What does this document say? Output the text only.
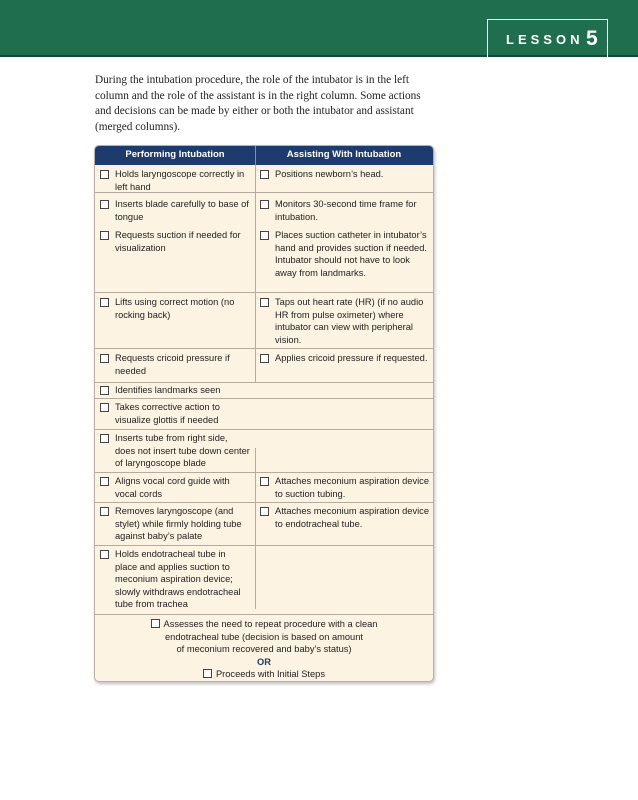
LESSON 5
During the intubation procedure, the role of the intubator is in the left column and the role of the assistant is in the right column. Some actions and decisions can be made by either or both the intubator and assistant (merged columns).
Performing Intubation	Assisting With Intubation
Holds laryngoscope correctly in left hand
Positions newborn’s head.
Inserts blade carefully to base of tongue
Monitors 30-second time frame for intubation.
Requests suction if needed for visualization
Places suction catheter in intubator’s hand and provides suction if needed. Intubator should not have to look away from landmarks.
Lifts using correct motion (no rocking back)
Taps out heart rate (HR) (if no audio HR from pulse oximeter) where intubator can view with peripheral vision.
Requests cricoid pressure if needed
Applies cricoid pressure if requested.
Identifies landmarks seen
Takes corrective action to visualize glottis if needed
Inserts tube from right side, does not insert tube down center of laryngoscope blade
Aligns vocal cord guide with vocal cords
Attaches meconium aspiration device to suction tubing.
Removes laryngoscope (and stylet) while firmly holding tube against baby’s palate
Attaches meconium aspiration device to endotracheal tube.
Holds endotracheal tube in place and applies suction to meconium aspiration device; slowly withdraws endotracheal tube from trachea
Assesses the need to repeat procedure with a clean
endotracheal tube (decision is based on amount
of meconium recovered and baby’s status)
OR
Proceeds with Initial Steps
